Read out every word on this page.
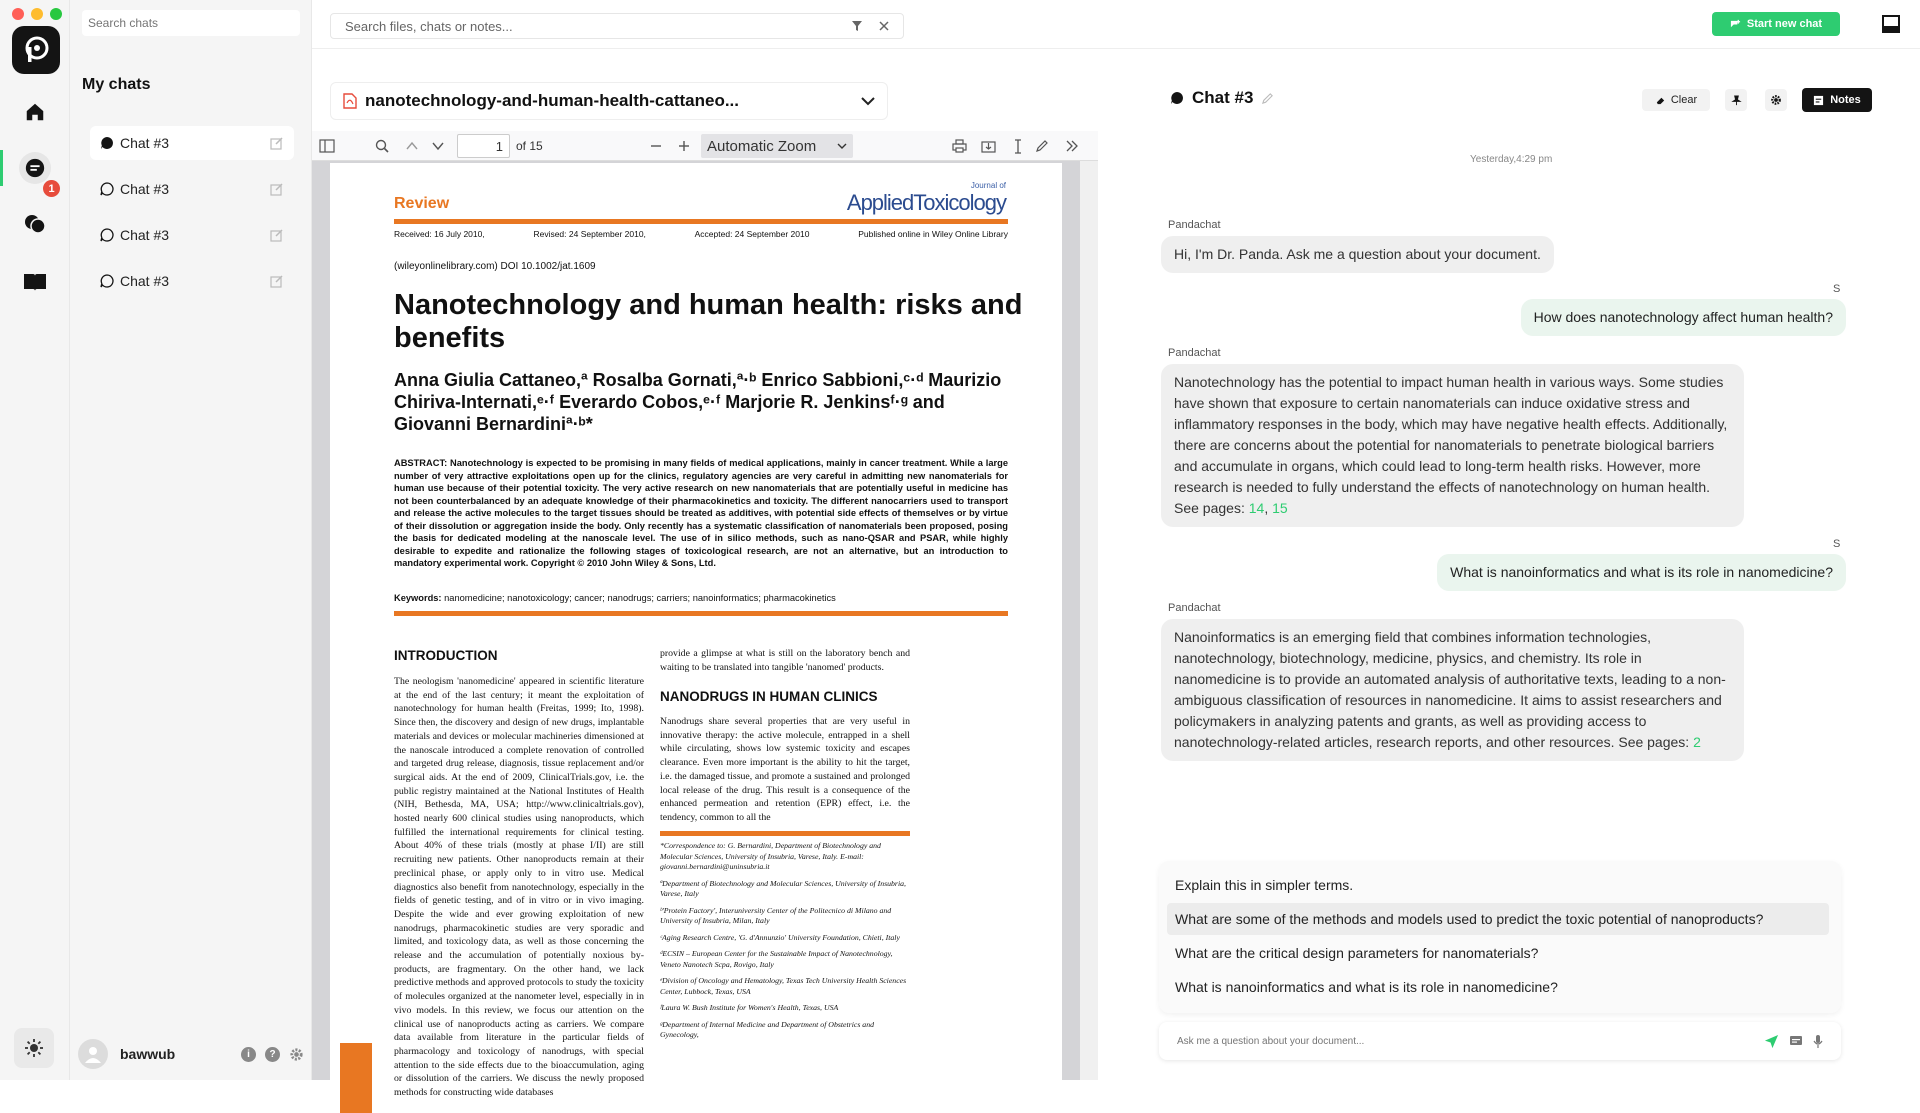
1
Search chats
My chats
Chat #3
Chat #3
Chat #3
Chat #3
bawwub	i	?
Search files, chats or notes...	Start new chat
nanotechnology-and-human-health-cattaneo...
1	of 15	Automatic Zoom
Review
Journal of
AppliedToxicology
Received: 16 July 2010,	Revised: 24 September 2010,	Accepted: 24 September 2010	Published online in Wiley Online Library
(wileyonlinelibrary.com) DOI 10.1002/jat.1609
Nanotechnology and human health: risks and benefits
Anna Giulia Cattaneo,ª Rosalba Gornati,ª·ᵇ Enrico Sabbioni,ᶜ·ᵈ Maurizio Chiriva-Internati,ᵉ·ᶠ Everardo Cobos,ᵉ·ᶠ Marjorie R. Jenkinsᶠ·ᵍ and Giovanni Bernardiniª·ᵇ*
ABSTRACT: Nanotechnology is expected to be promising in many fields of medical applications, mainly in cancer treatment. While a large number of very attractive exploitations open up for the clinics, regulatory agencies are very careful in admitting new nanomaterials for human use because of their potential toxicity. The very active research on new nanomaterials that are potentially useful in medicine has not been counterbalanced by an adequate knowledge of their pharmacokinetics and toxicity. The different nanocarriers used to transport and release the active molecules to the target tissues should be treated as additives, with potential side effects of themselves or by virtue of their dissolution or aggregation inside the body. Only recently has a systematic classification of nanomaterials been proposed, posing the basis for dedicated modeling at the nanoscale level. The use of in silico methods, such as nano-QSAR and PSAR, while highly desirable to expedite and rationalize the following stages of toxicological research, are not an alternative, but an introduction to mandatory experimental work. Copyright © 2010 John Wiley & Sons, Ltd.
Keywords: nanomedicine; nanotoxicology; cancer; nanodrugs; carriers; nanoinformatics; pharmacokinetics
INTRODUCTION
The neologism 'nanomedicine' appeared in scientific literature at the end of the last century; it meant the exploitation of nanotechnology for human health (Freitas, 1999; Ito, 1998). Since then, the discovery and design of new drugs, implantable materials and devices or molecular machineries dimensioned at the nanoscale introduced a complete renovation of controlled and targeted drug release, diagnosis, tissue replacement and/or surgical aids. At the end of 2009, ClinicalTrials.gov, i.e. the public registry maintained at the National Institutes of Health (NIH, Bethesda, MA, USA; http://www.clinicaltrials.gov), hosted nearly 600 clinical studies using nanoproducts, which fulfilled the international requirements for clinical testing. About 40% of these trials (mostly at phase I/II) are still recruiting new patients. Other nanoproducts remain at their preclinical phase, or apply only to in vitro use. Medical diagnostics also benefit from nanotechnology, especially in the fields of genetic testing, and of in vitro or in vivo imaging. Despite the wide and ever growing exploitation of new nanodrugs, pharmacokinetic studies are very sporadic and limited, and toxicology data, as well as those concerning the release and the accumulation of potentially noxious by-products, are fragmentary. On the other hand, we lack predictive methods and approved protocols to study the toxicity of molecules organized at the nanometer level, especially in in vivo models. In this review, we focus our attention on the clinical use of nanoproducts acting as carriers. We compare data available from literature in the particular fields of pharmacology and toxicology of nanodrugs, with special attention to the side effects due to the bioaccumulation, aging or dissolution of the carriers. We discuss the newly proposed methods for constructing wide databases
provide a glimpse at what is still on the laboratory bench and waiting to be translated into tangible 'nanomed' products.
NANODRUGS IN HUMAN CLINICS
Nanodrugs share several properties that are very useful in innovative therapy: the active molecule, entrapped in a shell while circulating, shows low systemic toxicity and escapes clearance. Even more important is the ability to hit the target, i.e. the damaged tissue, and promote a sustained and prolonged local release of the drug. This result is a consequence of the enhanced permeation and retention (EPR) effect, i.e. the tendency, common to all the
*Correspondence to: G. Bernardini, Department of Biotechnology and Molecular Sciences, University of Insubria, Varese, Italy. E-mail: giovanni.bernardini@uninsubria.it
ªDepartment of Biotechnology and Molecular Sciences, University of Insubria, Varese, Italy
ᵇ'Protein Factory', Interuniversity Center of the Politecnico di Milano and University of Insubria, Milan, Italy
ᶜAging Research Centre, 'G. d'Annunzio' University Foundation, Chieti, Italy
ᵈECSIN – European Center for the Sustainable Impact of Nanotechnology, Veneto Nanotech Scpa, Rovigo, Italy
ᵉDivision of Oncology and Hematology, Texas Tech University Health Sciences Center, Lubbock, Texas, USA
ᶠLaura W. Bush Institute for Women's Health, Texas, USA
ᵍDepartment of Internal Medicine and Department of Obstetrics and Gynecology,
Chat #3	Clear	Notes
Yesterday,4:29 pm
Pandachat
Hi, I'm Dr. Panda. Ask me a question about your document.
S
How does nanotechnology affect human health?
Pandachat
Nanotechnology has the potential to impact human health in various ways. Some studies have shown that exposure to certain nanomaterials can induce oxidative stress and inflammatory responses in the body, which may have negative health effects. Additionally, there are concerns about the potential for nanomaterials to penetrate biological barriers and accumulate in organs, which could lead to long-term health risks. However, more research is needed to fully understand the effects of nanotechnology on human health. See pages: 14, 15
S
What is nanoinformatics and what is its role in nanomedicine?
Pandachat
Nanoinformatics is an emerging field that combines information technologies, nanotechnology, biotechnology, medicine, physics, and chemistry. Its role in nanomedicine is to provide an automated analysis of authoritative texts, leading to a non-ambiguous classification of resources in nanomedicine. It aims to assist researchers and policymakers in analyzing patents and grants, as well as providing access to nanotechnology-related articles, research reports, and other resources. See pages: 2
Explain this in simpler terms.
What are some of the methods and models used to predict the toxic potential of nanoproducts?
What are the critical design parameters for nanomaterials?
What is nanoinformatics and what is its role in nanomedicine?
Ask me a question about your document...
